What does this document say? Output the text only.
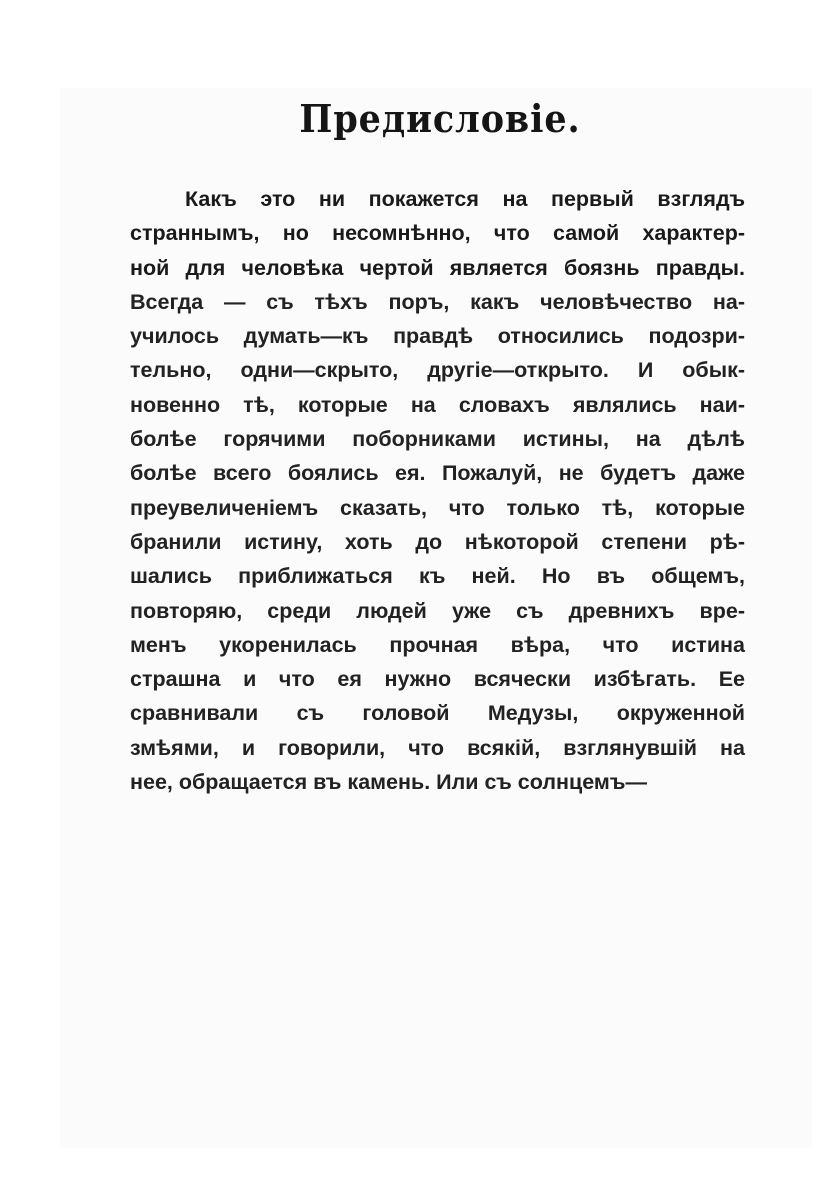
Предисловіе.
Какъ это ни покажется на первый взглядъ
страннымъ, но несомнѣнно, что самой характер-
ной для человѣка чертой является боязнь правды.
Всегда — съ тѣхъ поръ, какъ человѣчество на-
училось думать—къ правдѣ относились подозри-
тельно, одни—скрыто, другіе—открыто. И обык-
новенно тѣ, которые на словахъ являлись наи-
болѣе горячими поборниками истины, на дѣлѣ
болѣе всего боялись ея. Пожалуй, не будетъ даже
преувеличеніемъ сказать, что только тѣ, которые
бранили истину, хоть до нѣкоторой степени рѣ-
шались приближаться къ ней. Но въ общемъ,
повторяю, среди людей уже съ древнихъ вре-
менъ укоренилась прочная вѣра, что истина
страшна и что ея нужно всячески избѣгать. Ее
сравнивали съ головой Медузы, окруженной
змѣями, и говорили, что всякій, взглянувшій на
нее, обращается въ камень. Или съ солнцемъ—
